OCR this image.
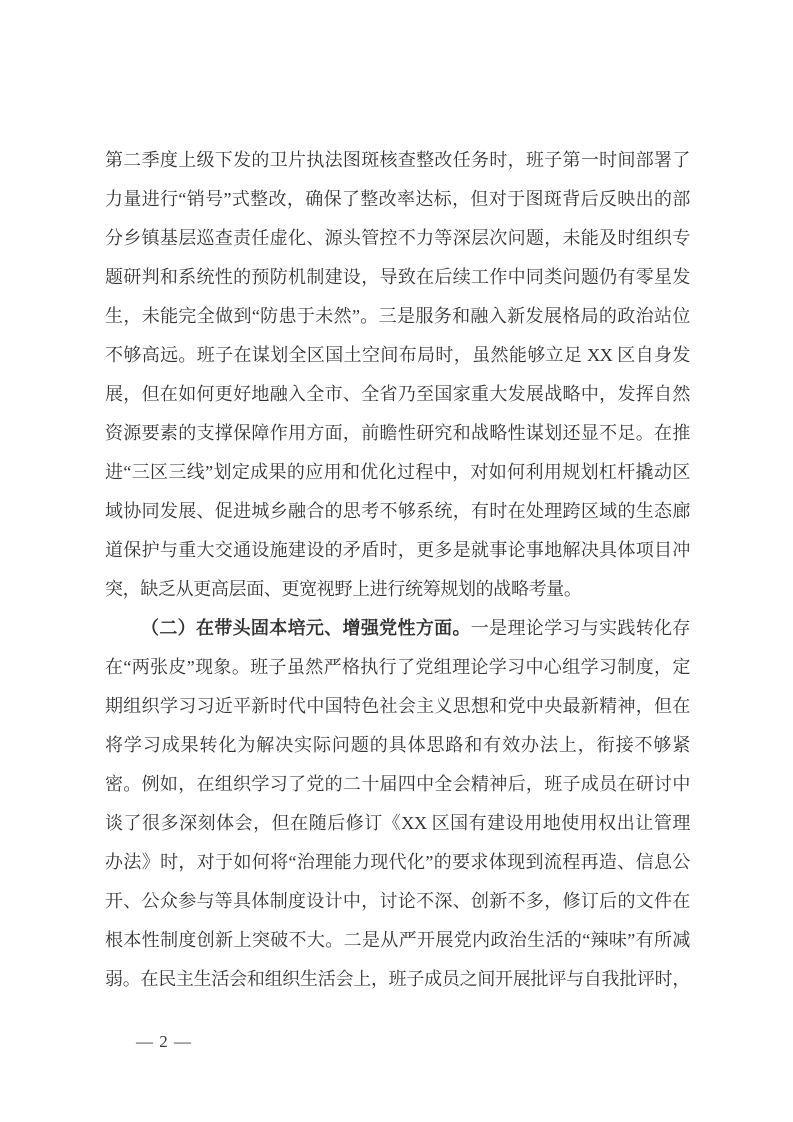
第二季度上级下发的卫片执法图斑核查整改任务时，班子第一时间部署了
力量进行“销号”式整改，确保了整改率达标，但对于图斑背后反映出的部
分乡镇基层巡查责任虚化、源头管控不力等深层次问题，未能及时组织专
题研判和系统性的预防机制建设，导致在后续工作中同类问题仍有零星发
生，未能完全做到“防患于未然”。三是服务和融入新发展格局的政治站位
不够高远。班子在谋划全区国土空间布局时，虽然能够立足 XX 区自身发
展，但在如何更好地融入全市、全省乃至国家重大发展战略中，发挥自然
资源要素的支撑保障作用方面，前瞻性研究和战略性谋划还显不足。在推
进“三区三线”划定成果的应用和优化过程中，对如何利用规划杠杆撬动区
域协同发展、促进城乡融合的思考不够系统，有时在处理跨区域的生态廊
道保护与重大交通设施建设的矛盾时，更多是就事论事地解决具体项目冲
突，缺乏从更高层面、更宽视野上进行统筹规划的战略考量。
（二）在带头固本培元、增强党性方面。一是理论学习与实践转化存
在“两张皮”现象。班子虽然严格执行了党组理论学习中心组学习制度，定
期组织学习习近平新时代中国特色社会主义思想和党中央最新精神，但在
将学习成果转化为解决实际问题的具体思路和有效办法上，衔接不够紧
密。例如，在组织学习了党的二十届四中全会精神后，班子成员在研讨中
谈了很多深刻体会，但在随后修订《XX 区国有建设用地使用权出让管理
办法》时，对于如何将“治理能力现代化”的要求体现到流程再造、信息公
开、公众参与等具体制度设计中，讨论不深、创新不多，修订后的文件在
根本性制度创新上突破不大。二是从严开展党内政治生活的“辣味”有所减
弱。在民主生活会和组织生活会上，班子成员之间开展批评与自我批评时，
— 2 —
